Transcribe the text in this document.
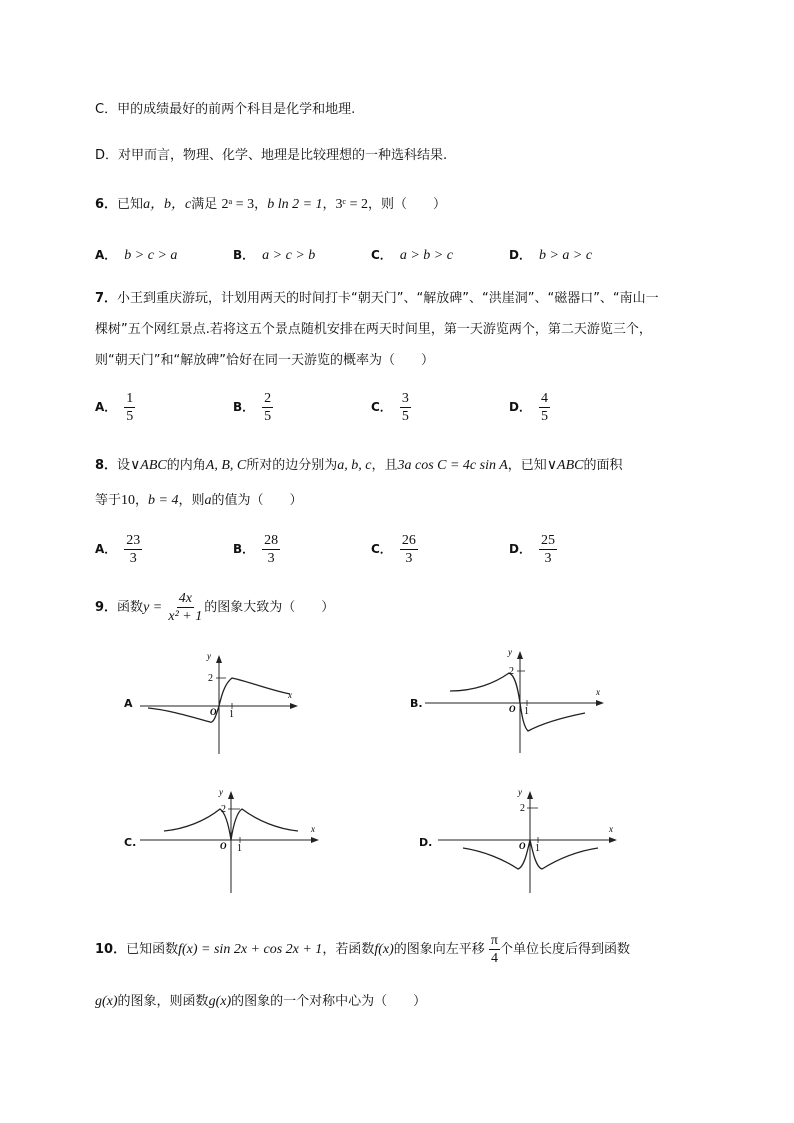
C．甲的成绩最好的前两个科目是化学和地理.
D．对甲而言，物理、化学、地理是比较理想的一种选科结果.
6．已知a，b，c满足 2ᵃ = 3，b ln 2 = 1，3ᶜ = 2，则（　　）
A． b > c > a	B． a > c > b	C． a > b > c	D． b > a > c
7．小王到重庆游玩，计划用两天的时间打卡“朝天门”、“解放碑”、“洪崖洞”、“磁器口”、“南山一
棵树”五个网红景点.若将这五个景点随机安排在两天时间里，第一天游览两个，第二天游览三个，
则“朝天门”和“解放碑”恰好在同一天游览的概率为（　　）
A． $\frac{1}{5}$	B． $\frac{2}{5}$	C． $\frac{3}{5}$	D． $\frac{4}{5}$
8．设∨ABC的内角A, B, C所对的边分别为a, b, c，且3a cos C = 4c sin A，已知∨ABC的面积
等于10，b = 4，则a的值为（　　）
A． $\frac{23}{3}$	B． $\frac{28}{3}$	C． $\frac{26}{3}$	D． $\frac{25}{3}$
9．函数$y = \frac{4x}{\text{x² + 1}}$ 的图象大致为（　　）
A
y
x
2
1
O
B.
y
x
2
1
O
C.
y
x
2
1
O	D.
y
x
2
1
O
10．已知函数f(x) = sin 2x + cos 2x + 1，若函数f(x)的图象向左平移 $\frac{\pi}{4}$ 个单位长度后得到函数
g(x)的图象，则函数g(x)的图象的一个对称中心为（　　）
